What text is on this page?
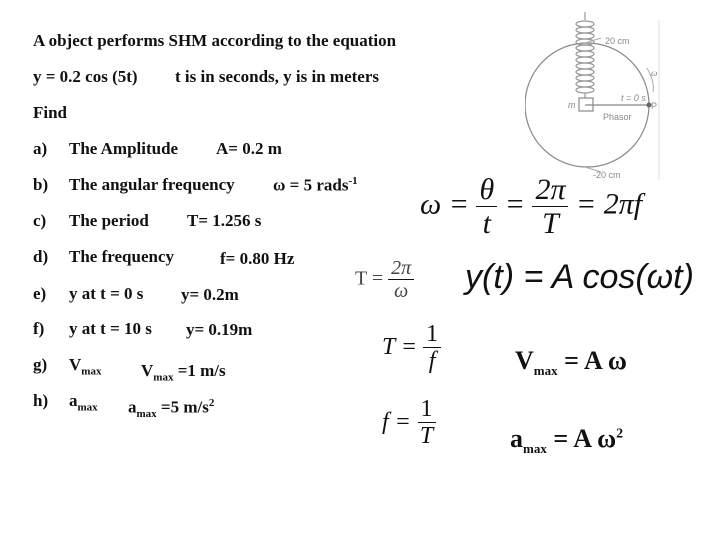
A object performs SHM according to the equation
y = 0.2 cos (5t) t is in seconds, y is in meters
Find
a) The Amplitude A= 0.2 m
b) The angular frequency ω = 5 rads$^{-1}$
c) The period T= 1.256 s
d) The frequency	f= 0.80 Hz
e) y at t = 0 s y= 0.2m
f) y at t = 10 s y= 0.19m
g) $V_{max}$ $V_{max} =1$ m/s
h) $a_{max}$ $a_{max} =5$ $m/s^2$
20 cm
-20 cm
t = 0 s
Phasor
m	P
ω
$\omega = \frac{\theta}{t} = \frac{2\pi}{T} = 2\pi f$
$T = \frac{2\pi}{\omega} y(t) = A$ cos(ωt)
$T = \frac{1}{f}$
$f = \frac{1}{T}$
$V_{max} = A$ ω
$a_{max} = A$ $\omega^2$
